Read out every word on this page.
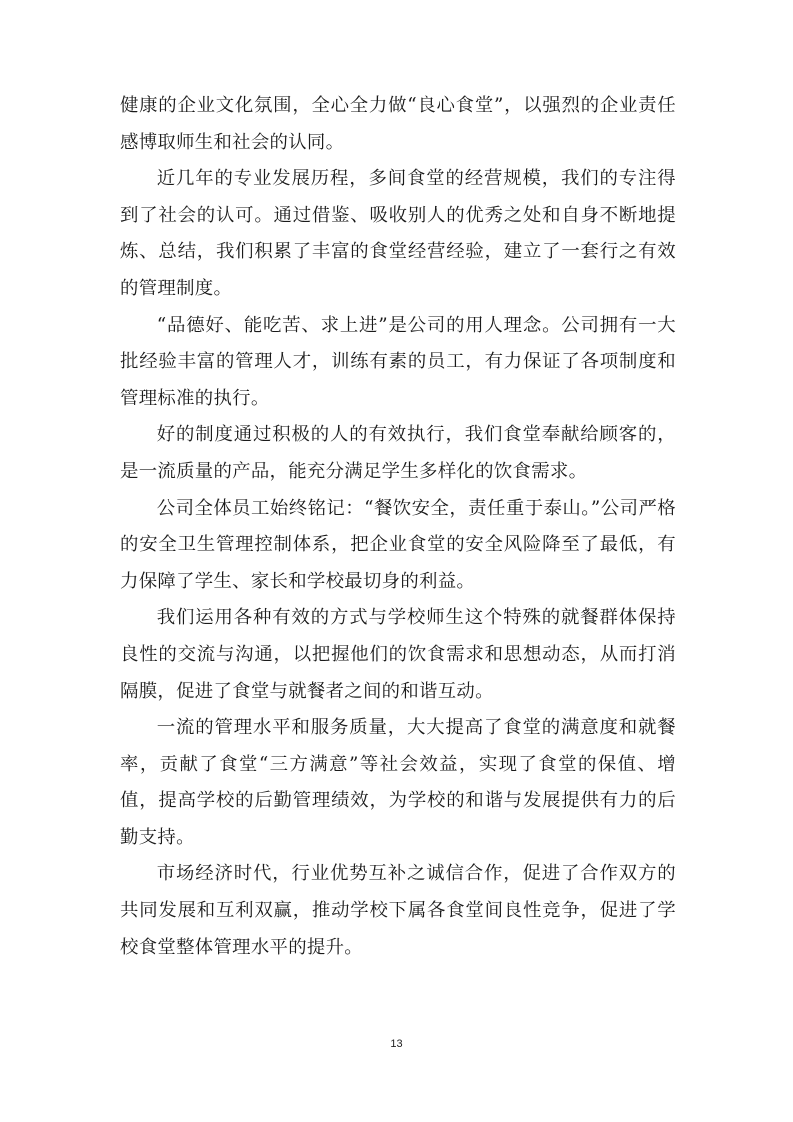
健康的企业文化氛围，全心全力做“良心食堂”，以强烈的企业责任感博取师生和社会的认同。

近几年的专业发展历程，多间食堂的经营规模，我们的专注得到了社会的认可。通过借鉴、吸收别人的优秀之处和自身不断地提炼、总结，我们积累了丰富的食堂经营经验，建立了一套行之有效的管理制度。

“品德好、能吃苦、求上进”是公司的用人理念。公司拥有一大批经验丰富的管理人才，训练有素的员工，有力保证了各项制度和管理标准的执行。

好的制度通过积极的人的有效执行，我们食堂奉献给顾客的，是一流质量的产品，能充分满足学生多样化的饮食需求。

公司全体员工始终铭记：“餐饮安全，责任重于泰山。”公司严格的安全卫生管理控制体系，把企业食堂的安全风险降至了最低，有力保障了学生、家长和学校最切身的利益。

我们运用各种有效的方式与学校师生这个特殊的就餐群体保持良性的交流与沟通，以把握他们的饮食需求和思想动态，从而打消隔膜，促进了食堂与就餐者之间的和谐互动。

一流的管理水平和服务质量，大大提高了食堂的满意度和就餐率，贡献了食堂“三方满意”等社会效益，实现了食堂的保值、增值，提高学校的后勤管理绩效，为学校的和谐与发展提供有力的后勤支持。

市场经济时代，行业优势互补之诚信合作，促进了合作双方的共同发展和互利双赢，推动学校下属各食堂间良性竞争，促进了学校食堂整体管理水平的提升。

13
